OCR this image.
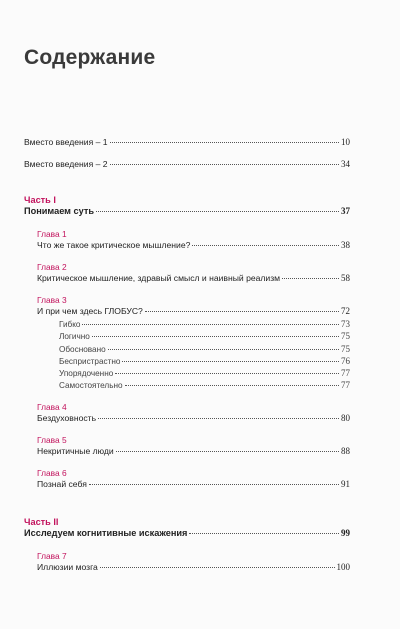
Содержание
Вместо введения – 1	10
Вместо введения – 2	34
Часть I
Понимаем суть	37
Глава 1
Что же такое критическое мышление?	38
Глава 2
Критическое мышление, здравый смысл и наивный реализм	58
Глава 3
И при чем здесь ГЛОБУС?	72
Гибко	73
Логично	75
Обосновано	75
Беспристрастно	76
Упорядоченно	77
Самостоятельно	77
Глава 4
Бездуховность	80
Глава 5
Некритичные люди	88
Глава 6
Познай себя	91
Часть II
Исследуем когнитивные искажения	99
Глава 7
Иллюзии мозга	100
